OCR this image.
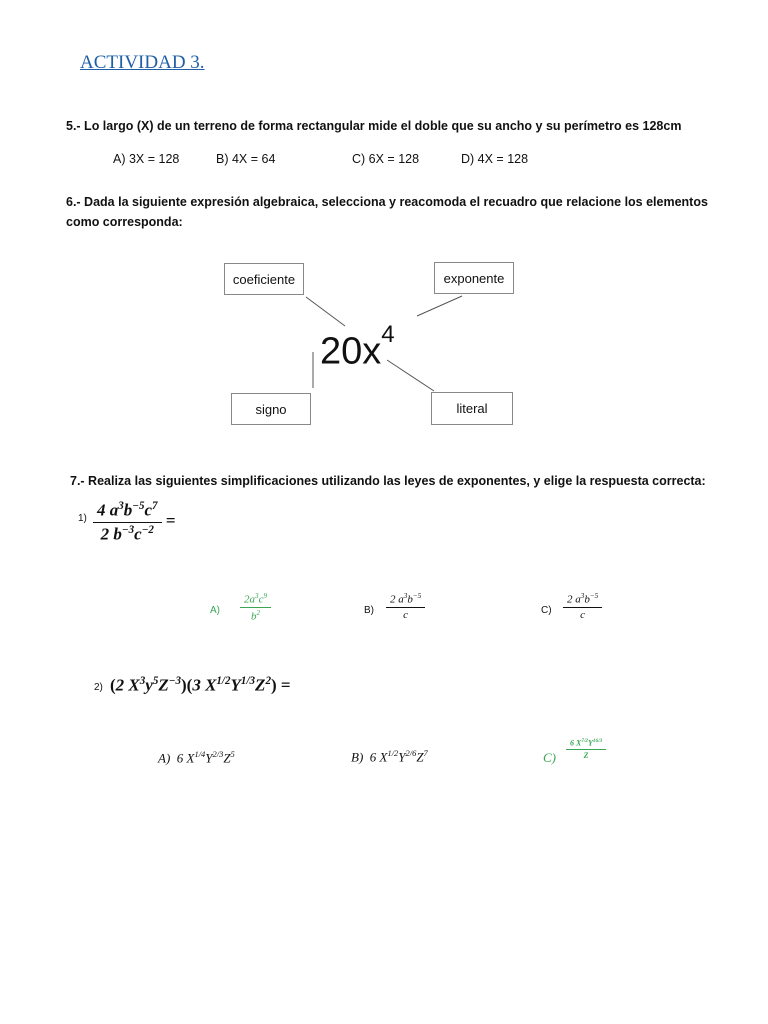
ACTIVIDAD 3.
5.- Lo largo (X) de un terreno de forma rectangular mide el doble que su ancho y su perímetro es 128cm
A) 3X = 128	B) 4X = 64	C) 6X = 128	D) 4X = 128
6.- Dada la siguiente expresión algebraica, selecciona y reacomoda el recuadro que relacione los elementos como corresponda:
coeficiente	exponente
signo	literal
$20x^4$
7.- Realiza las siguientes simplificaciones utilizando las leyes de exponentes, y elige la respuesta correcta:
$1) \frac{4 a^3b^{-5}c^7}{2 b^{-3}c^{-2}}$ =
$A) \frac{2a^3c^9}{b^2}$	$B) \frac{2 a^3b^{-5}}{c}$	$C) \frac{2 a^3b^{-5}}{c}$
2) (2 $X^3y^5Z^{-3})(3$ $X^{1/2}Y^{1/3}Z^2$) =
A)  6 $X^{1/4}Y^{2/3}Z^5$	B)  6 $X^{1/2}Y^{2/6}Z^7$	$C) \frac{6 X^{7/2}Y^{16/3}}{Z}$
